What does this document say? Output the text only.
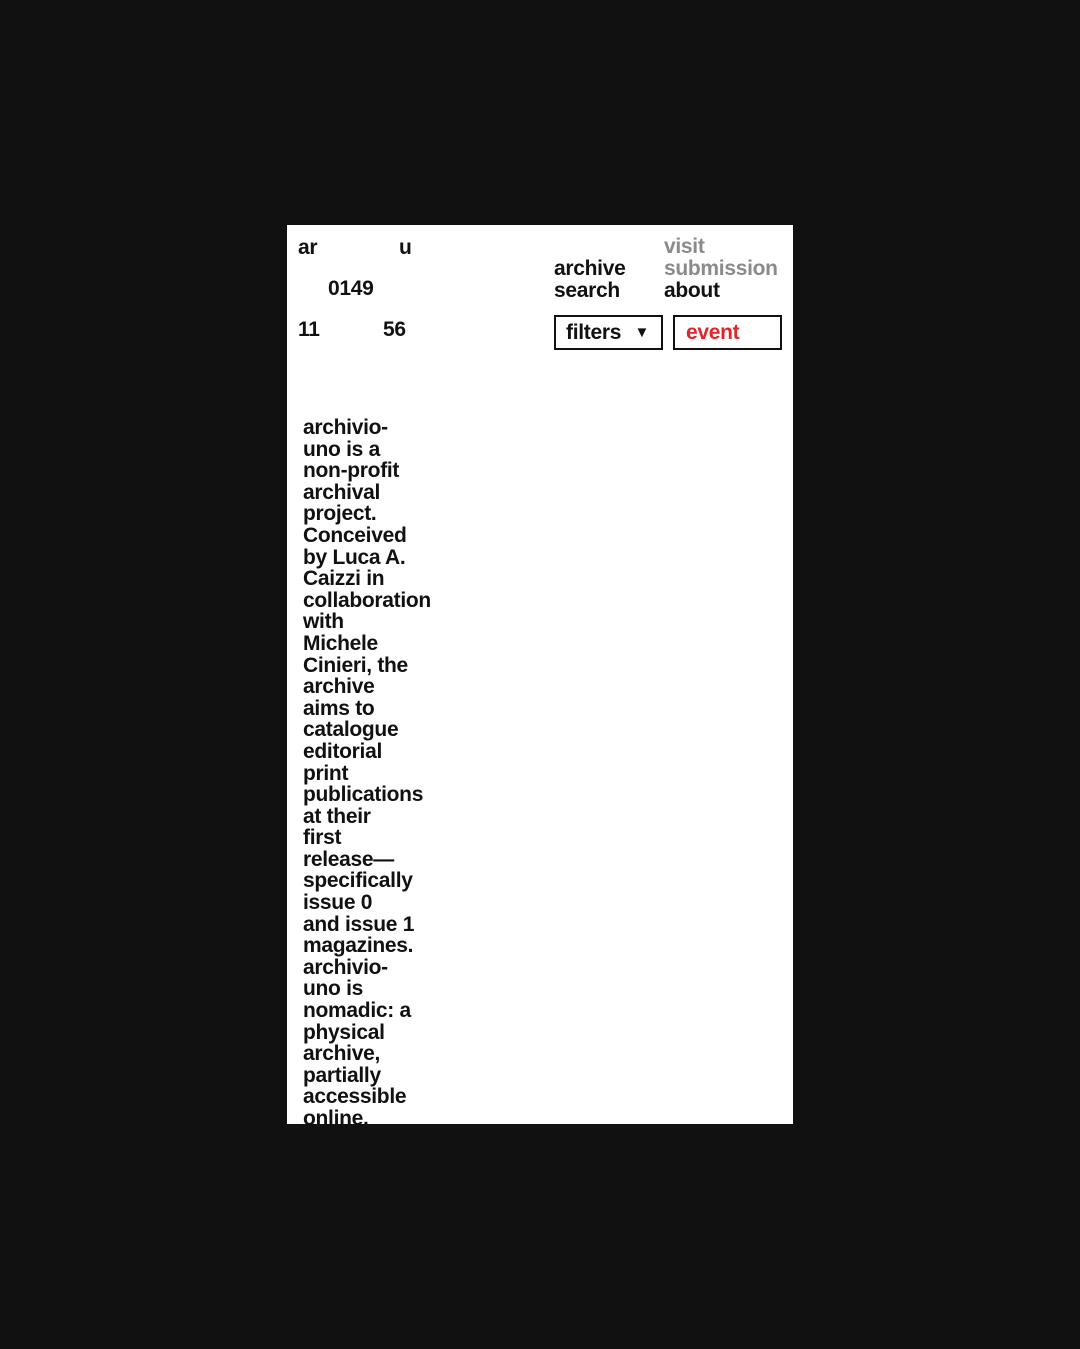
ar	u
0149
11	56
archive
search
visit
submission
about
filters ▼	event
archivio-
uno is a
non-profit
archival
project.
Conceived
by Luca A.
Caizzi in
collaboration
with
Michele
Cinieri, the
archive
aims to
catalogue
editorial
print
publications
at their
first
release—
specifically
issue 0
and issue 1
magazines.
archivio-
uno is
nomadic: a
physical
archive,
partially
accessible
online.
